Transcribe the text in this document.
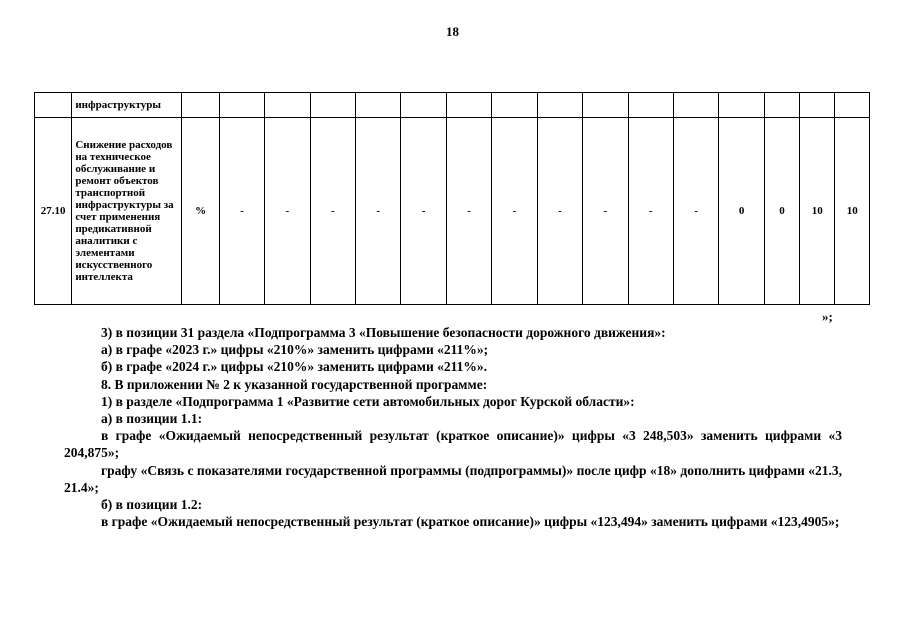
18
	инфраструктуры																
27.10	Снижение расходов на техническое обслуживание и ремонт объектов транспортной инфраструктуры за счет применения предикативной аналитики с элементами искусственного интеллекта	%	-	-	-	-	-	-	-	-	-	-	-	0	0	10	10
»;

3) в позиции 31 раздела «Подпрограмма 3 «Повышение безопасности дорожного движения»:

а) в графе «2023 г.» цифры «210%» заменить цифрами «211%»;

б) в графе «2024 г.» цифры «210%» заменить цифрами «211%».

8. В приложении № 2 к указанной государственной программе:

1) в разделе «Подпрограмма 1 «Развитие сети автомобильных дорог Курской области»:

а) в позиции 1.1:

в графе «Ожидаемый непосредственный результат (краткое описание)» цифры «3 248,503» заменить цифрами «3 204,875»;

графу «Связь с показателями государственной программы (подпрограммы)» после цифр «18» дополнить цифрами «21.3, 21.4»;

б) в позиции 1.2:

в графе «Ожидаемый непосредственный результат (краткое описание)» цифры «123,494» заменить цифрами «123,4905»;
